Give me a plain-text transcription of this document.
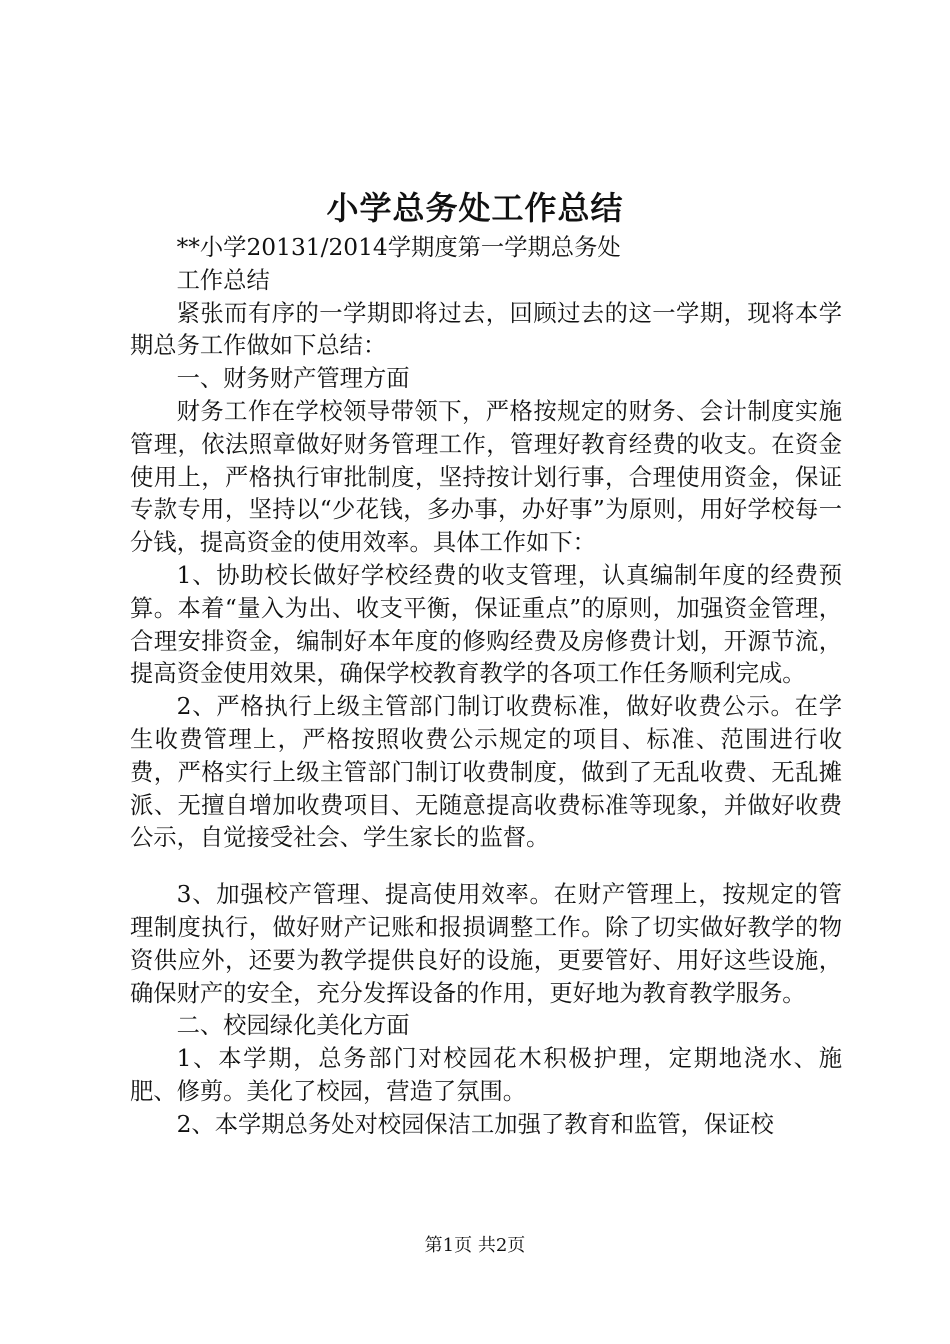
小学总务处工作总结

**小学20131/2014学期度第一学期总务处

工作总结

紧张而有序的一学期即将过去，回顾过去的这一学期，现将本学期总务工作做如下总结：

一、财务财产管理方面

财务工作在学校领导带领下，严格按规定的财务、会计制度实施管理，依法照章做好财务管理工作，管理好教育经费的收支。在资金使用上，严格执行审批制度，坚持按计划行事，合理使用资金，保证专款专用，坚持以“少花钱，多办事，办好事”为原则，用好学校每一分钱，提高资金的使用效率。具体工作如下：

1、协助校长做好学校经费的收支管理，认真编制年度的经费预算。本着“量入为出、收支平衡，保证重点”的原则，加强资金管理，合理安排资金，编制好本年度的修购经费及房修费计划，开源节流，提高资金使用效果，确保学校教育教学的各项工作任务顺利完成。

2、严格执行上级主管部门制订收费标准，做好收费公示。在学生收费管理上，严格按照收费公示规定的项目、标准、范围进行收费，严格实行上级主管部门制订收费制度，做到了无乱收费、无乱摊派、无擅自增加收费项目、无随意提高收费标准等现象，并做好收费公示，自觉接受社会、学生家长的监督。

3、加强校产管理、提高使用效率。在财产管理上，按规定的管理制度执行，做好财产记账和报损调整工作。除了切实做好教学的物资供应外，还要为教学提供良好的设施，更要管好、用好这些设施，确保财产的安全，充分发挥设备的作用，更好地为教育教学服务。

二、校园绿化美化方面

1、本学期，总务部门对校园花木积极护理，定期地浇水、施肥、修剪。美化了校园，营造了氛围。

2、本学期总务处对校园保洁工加强了教育和监管，保证校

第1页 共2页
